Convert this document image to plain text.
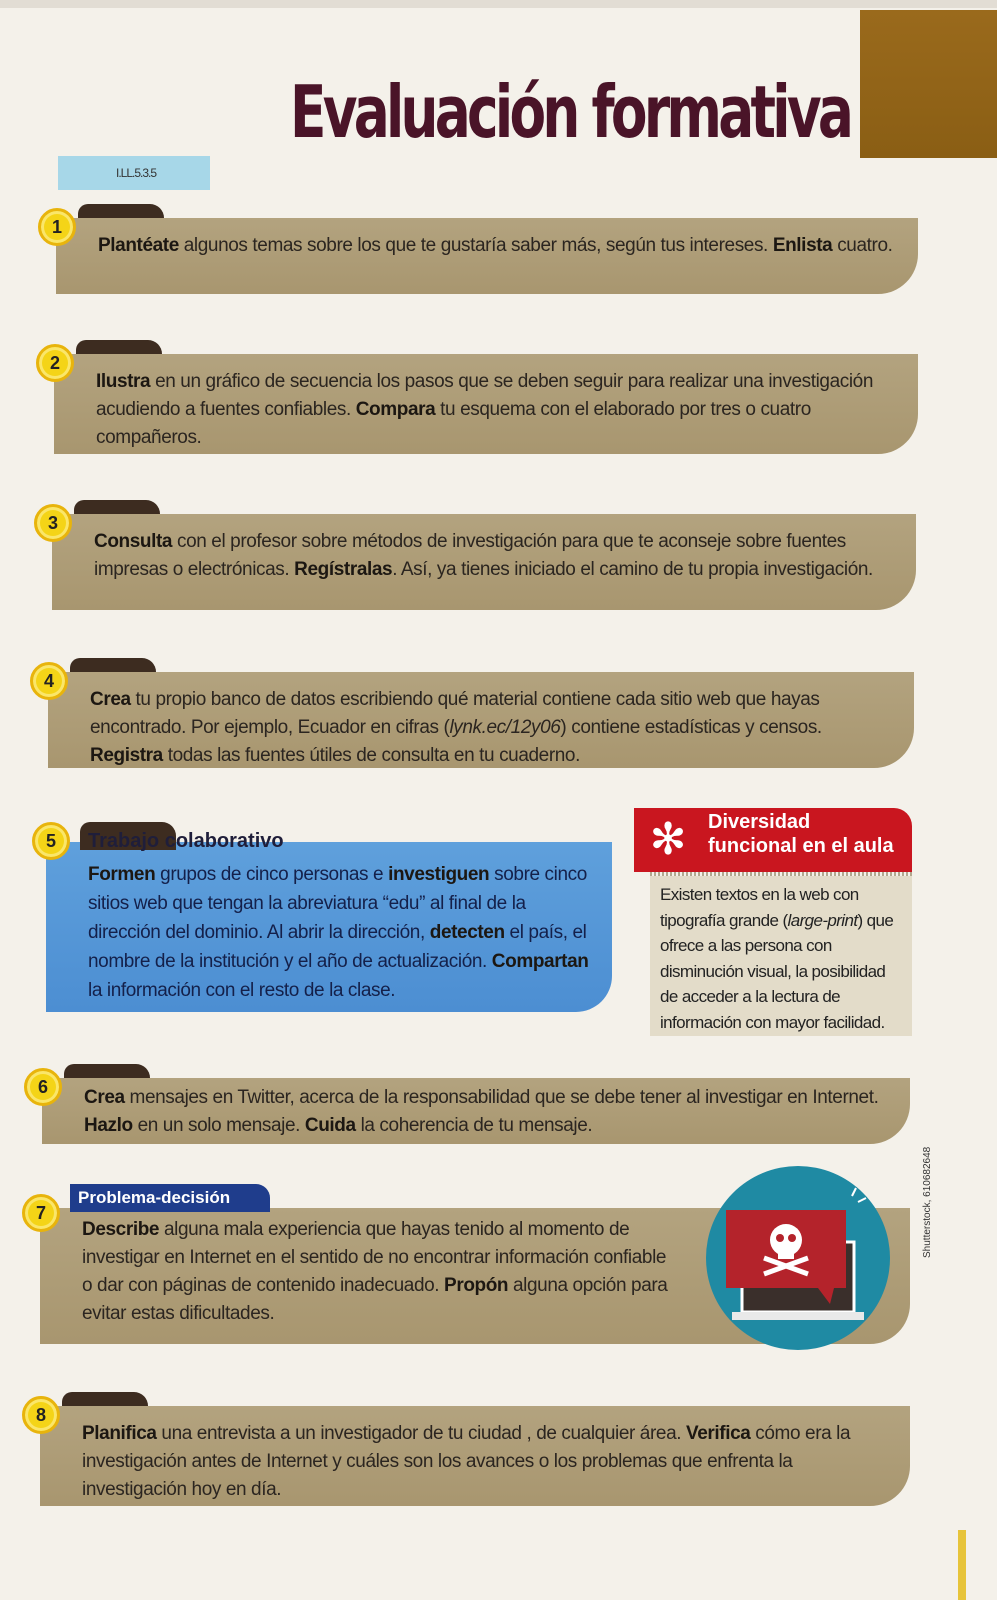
Evaluación formativa
I.LL.5.3.5
1
Plantéate algunos temas sobre los que te gustaría saber más, según tus intereses. Enlista cuatro.
2
Ilustra en un gráfico de secuencia los pasos que se deben seguir para realizar una investigación acudiendo a fuentes confiables. Compara tu esquema con el elaborado por tres o cuatro compañeros.
3
Consulta con el profesor sobre métodos de investigación para que te aconseje sobre fuentes impresas o electrónicas. Regístralas. Así, ya tienes iniciado el camino de tu propia investigación.
4
Crea tu propio banco de datos escribiendo qué material contiene cada sitio web que hayas encontrado. Por ejemplo, Ecuador en cifras (lynk.ec/12y06) contiene estadísticas y censos. Registra todas las fuentes útiles de consulta en tu cuaderno.
5	Trabajo colaborativo
Formen grupos de cinco personas e investiguen sobre cinco sitios web que tengan la abreviatura “edu” al final de la dirección del dominio. Al abrir la dirección, detecten el país, el nombre de la institución y el año de actualización. Compartan la información con el resto de la clase.
✻	Diversidad
funcional en el aula
Existen textos en la web con tipografía grande (large-print) que ofrece a las persona con disminución visual, la posibilidad de acceder a la lectura de información con mayor facilidad.
6	Crea mensajes en Twitter, acerca de la responsabilidad que se debe tener al investigar en Internet. Hazlo en un solo mensaje. Cuida la coherencia de tu mensaje.
7
Describe alguna mala experiencia que hayas tenido al momento de investigar en Internet en el sentido de no encontrar información confiable o dar con páginas de contenido inadecuado. Propón alguna opción para evitar estas dificultades.
Problema-decisión	Shutterstock, 610682648
8
Planifica una entrevista a un investigador de tu ciudad , de cualquier área. Verifica cómo era la investigación antes de Internet y cuáles son los avances o los problemas que enfrenta la investigación hoy en día.
